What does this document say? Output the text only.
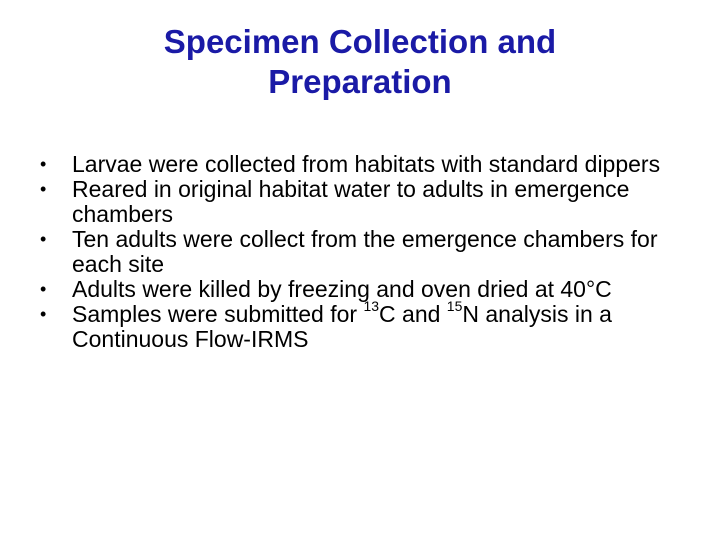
Specimen Collection and
Preparation
•	Larvae were collected from habitats with standard dippers
•	Reared in original habitat water to adults in emergence chambers
•	Ten adults were collect from the emergence chambers for each site
•	Adults were killed by freezing and oven dried at 40°C
•	Samples were submitted for $^{13}$C and $^{15}$N analysis in a Continuous Flow-IRMS
